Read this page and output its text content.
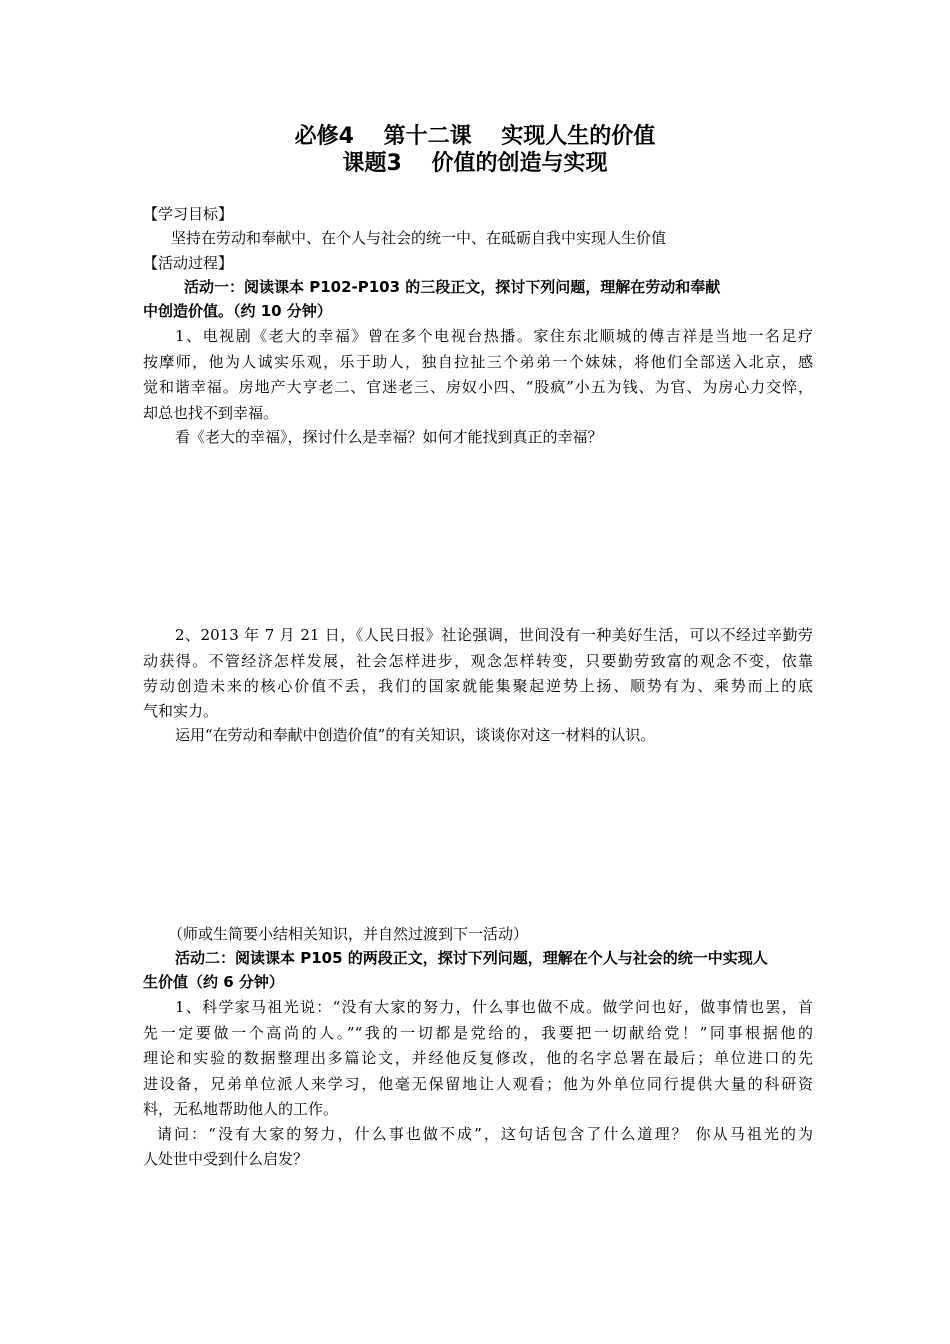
必修4　 第十二课 　实现人生的价值
课题3　 价值的创造与实现
【学习目标】
坚持在劳动和奉献中、在个人与社会的统一中、在砥砺自我中实现人生价值
【活动过程】
活动一：阅读课本 P102-P103 的三段正文，探讨下列问题，理解在劳动和奉献
中创造价值。（约 10 分钟）
1、电视剧《老大的幸福》曾在多个电视台热播。家住东北顺城的傅吉祥是当地一名足疗
按摩师，他为人诚实乐观，乐于助人，独自拉扯三个弟弟一个妹妹，将他们全部送入北京，感
觉和谐幸福。房地产大亨老二、官迷老三、房奴小四、“股疯”小五为钱、为官、为房心力交悴，
却总也找不到幸福。
看《老大的幸福》，探讨什么是幸福？如何才能找到真正的幸福？
2、2013 年 7 月 21 日，《人民日报》社论强调，世间没有一种美好生活，可以不经过辛勤劳
动获得。不管经济怎样发展，社会怎样进步，观念怎样转变，只要勤劳致富的观念不变，依靠
劳动创造未来的核心价值不丢，我们的国家就能集聚起逆势上扬、顺势有为、乘势而上的底
气和实力。
运用“在劳动和奉献中创造价值”的有关知识，谈谈你对这一材料的认识。
（师或生简要小结相关知识，并自然过渡到下一活动）
活动二：阅读课本 P105 的两段正文，探讨下列问题，理解在个人与社会的统一中实现人
生价值（约 6 分钟）
1、科学家马祖光说：“没有大家的努力，什么事也做不成。做学问也好，做事情也罢，首
先一定要做一个高尚的人。”“我的一切都是党给的，我要把一切献给党！”同事根据他的
理论和实验的数据整理出多篇论文，并经他反复修改，他的名字总署在最后；单位进口的先
进设备，兄弟单位派人来学习，他毫无保留地让人观看；他为外单位同行提供大量的科研资
料，无私地帮助他人的工作。
请问：“没有大家的努力，什么事也做不成”，这句话包含了什么道理？ 你从马祖光的为
人处世中受到什么启发？
